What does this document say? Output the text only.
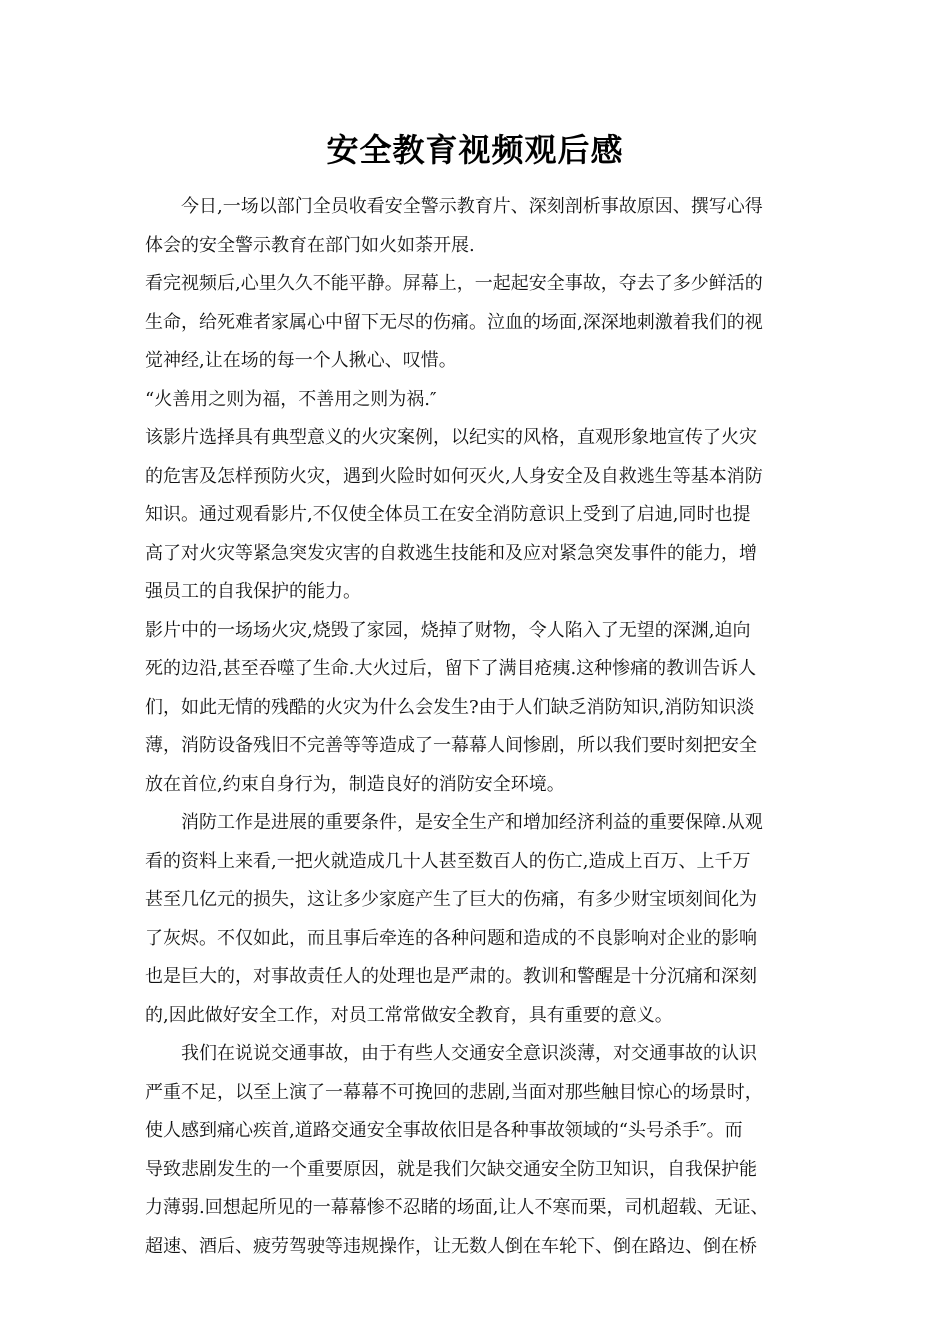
安全教育视频观后感
　　今日,一场以部门全员收看安全警示教育片、深刻剖析事故原因、撰写心得
体会的安全警示教育在部门如火如荼开展.
看完视频后,心里久久不能平静。屏幕上，一起起安全事故，夺去了多少鲜活的
生命，给死难者家属心中留下无尽的伤痛。泣血的场面,深深地刺激着我们的视
觉神经,让在场的每一个人揪心、叹惜。
“火善用之则为福，不善用之则为祸.″
该影片选择具有典型意义的火灾案例，以纪实的风格，直观形象地宣传了火灾
的危害及怎样预防火灾，遇到火险时如何灭火,人身安全及自救逃生等基本消防
知识。通过观看影片,不仅使全体员工在安全消防意识上受到了启迪,同时也提
高了对火灾等紧急突发灾害的自救逃生技能和及应对紧急突发事件的能力，增
强员工的自我保护的能力。
影片中的一场场火灾,烧毁了家园，烧掉了财物，令人陷入了无望的深渊,迫向
死的边沿,甚至吞噬了生命.大火过后，留下了满目疮痍.这种惨痛的教训告诉人
们，如此无情的残酷的火灾为什么会发生?由于人们缺乏消防知识,消防知识淡
薄，消防设备残旧不完善等等造成了一幕幕人间惨剧，所以我们要时刻把安全
放在首位,约束自身行为，制造良好的消防安全环境。
　　消防工作是进展的重要条件，是安全生产和增加经济利益的重要保障.从观
看的资料上来看,一把火就造成几十人甚至数百人的伤亡,造成上百万、上千万
甚至几亿元的损失，这让多少家庭产生了巨大的伤痛，有多少财宝顷刻间化为
了灰烬。不仅如此，而且事后牵连的各种问题和造成的不良影响对企业的影响
也是巨大的，对事故责任人的处理也是严肃的。教训和警醒是十分沉痛和深刻
的,因此做好安全工作，对员工常常做安全教育，具有重要的意义。
　　我们在说说交通事故，由于有些人交通安全意识淡薄，对交通事故的认识
严重不足，以至上演了一幕幕不可挽回的悲剧,当面对那些触目惊心的场景时，
使人感到痛心疾首,道路交通安全事故依旧是各种事故领域的“头号杀手″。而
导致悲剧发生的一个重要原因，就是我们欠缺交通安全防卫知识，自我保护能
力薄弱.回想起所见的一幕幕惨不忍睹的场面,让人不寒而栗，司机超载、无证、
超速、酒后、疲劳驾驶等违规操作，让无数人倒在车轮下、倒在路边、倒在桥
